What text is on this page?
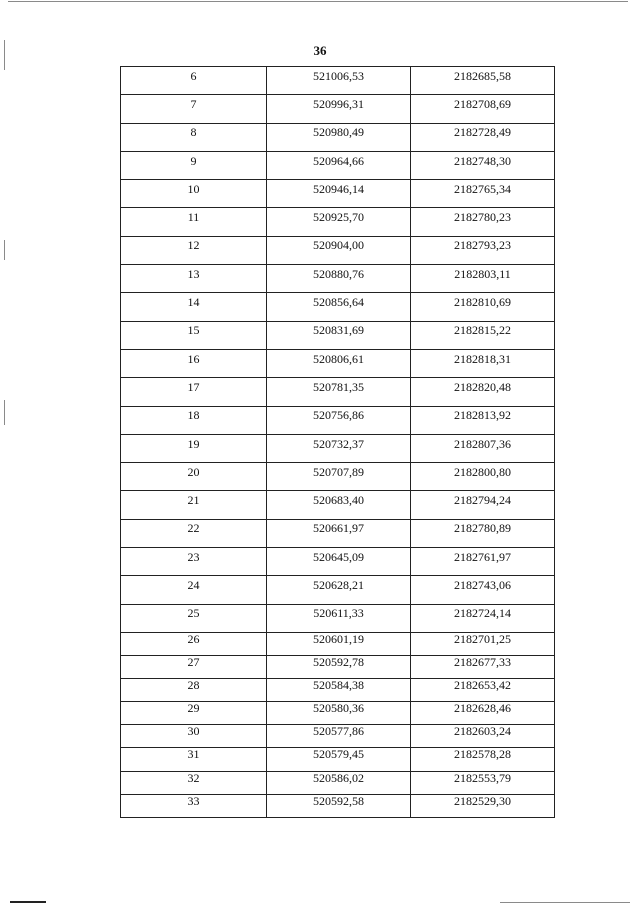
36
6	521006,53	2182685,58
7	520996,31	2182708,69
8	520980,49	2182728,49
9	520964,66	2182748,30
10	520946,14	2182765,34
11	520925,70	2182780,23
12	520904,00	2182793,23
13	520880,76	2182803,11
14	520856,64	2182810,69
15	520831,69	2182815,22
16	520806,61	2182818,31
17	520781,35	2182820,48
18	520756,86	2182813,92
19	520732,37	2182807,36
20	520707,89	2182800,80
21	520683,40	2182794,24
22	520661,97	2182780,89
23	520645,09	2182761,97
24	520628,21	2182743,06
25	520611,33	2182724,14
26	520601,19	2182701,25
27	520592,78	2182677,33
28	520584,38	2182653,42
29	520580,36	2182628,46
30	520577,86	2182603,24
31	520579,45	2182578,28
32	520586,02	2182553,79
33	520592,58	2182529,30
